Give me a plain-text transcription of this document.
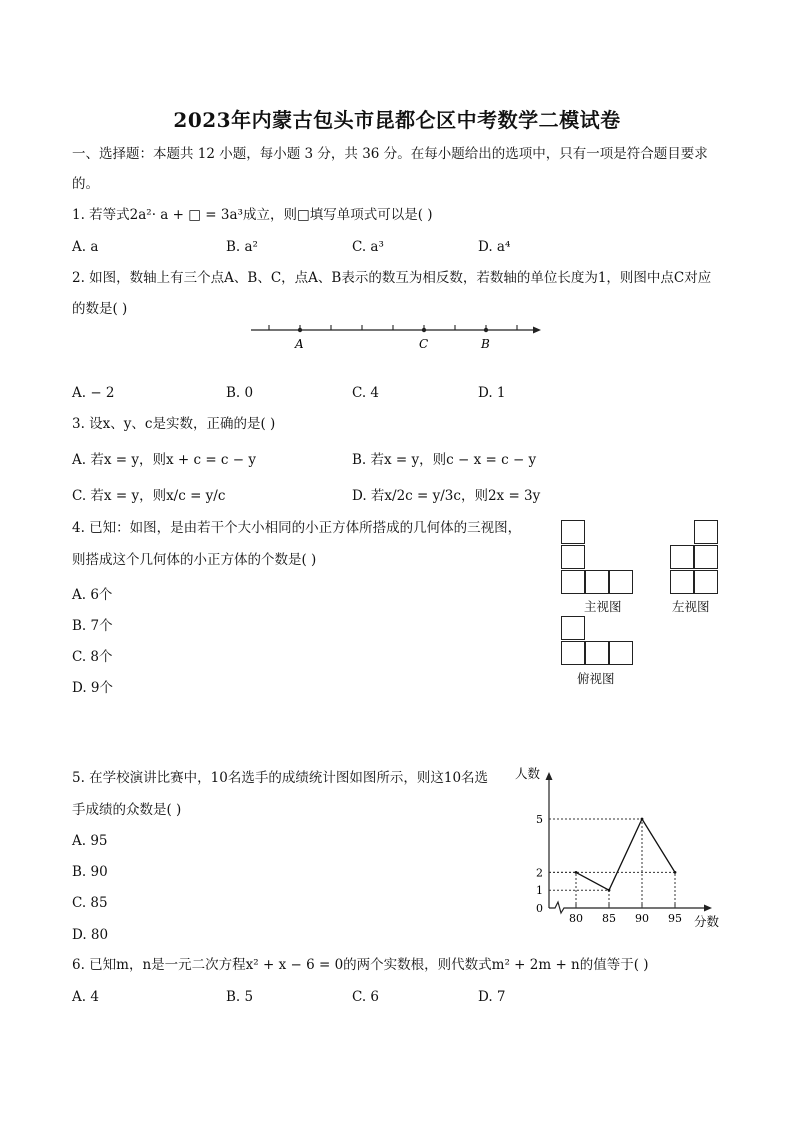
2023年内蒙古包头市昆都仑区中考数学二模试卷
一、选择题：本题共 12 小题，每小题 3 分，共 36 分。在每小题给出的选项中，只有一项是符合题目要求
的。
1. 若等式2a²· a + □ = 3a³成立，则□填写单项式可以是( )
A. a	B. a²	C. a³	D. a⁴
2. 如图，数轴上有三个点A、B、C，点A、B表示的数互为相反数，若数轴的单位长度为1，则图中点C对应
的数是( )
A	C	B
A. − 2	B. 0	C. 4	D. 1
3. 设x、y、c是实数，正确的是( )
A. 若x = y，则x + c = c − y	B. 若x = y，则c − x = c − y
C. 若x = y，则x/c = y/c	D. 若x/2c = y/3c，则2x = 3y
4. 已知：如图，是由若干个大小相同的小正方体所搭成的几何体的三视图，
则搭成这个几何体的小正方体的个数是( )
A. 6个
B. 7个
C. 8个
D. 9个
主视图	左视图
俯视图
5. 在学校演讲比赛中，10名选手的成绩统计图如图所示，则这10名选
手成绩的众数是( )
A. 95
B. 90
C. 85
D. 80
80 85 90 95
0
1
2
5
人数
分数
6. 已知m，n是一元二次方程x² + x − 6 = 0的两个实数根，则代数式m² + 2m + n的值等于( )
A. 4	B. 5	C. 6	D. 7
